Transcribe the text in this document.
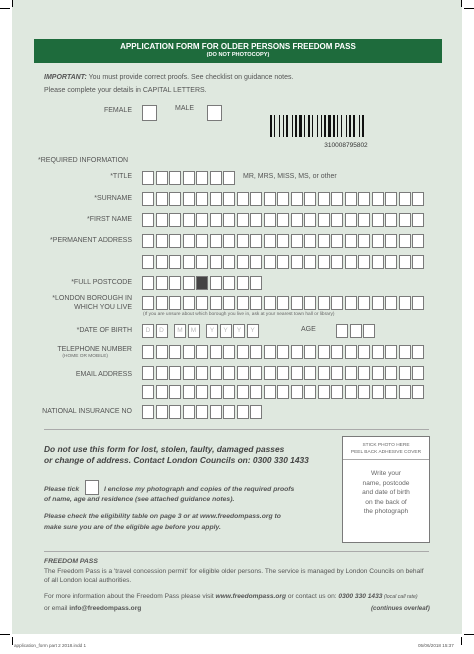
APPLICATION FORM FOR OLDER PERSONS FREEDOM PASS
(DO NOT PHOTOCOPY)
IMPORTANT: You must provide correct proofs. See checklist on guidance notes.
Please complete your details in CAPITAL LETTERS.
FEMALE	MALE
310008795802
*REQUIRED INFORMATION
*TITLE	MR, MRS, MISS, MS, or other
*SURNAME
*FIRST NAME
*PERMANENT ADDRESS
*FULL POSTCODE
*LONDON BOROUGH IN
WHICH YOU LIVE
(If you are unsure about which borough you live in, ask at your nearest town hall or library)
*DATE OF BIRTH	D	D	M	M	Y	Y	Y	Y	AGE
TELEPHONE NUMBER
(HOME OR MOBILE)
EMAIL ADDRESS
NATIONAL INSURANCE NO
Do not use this form for lost, stolen, faulty, damaged passes
or change of address. Contact London Councils on: 0300 330 1433
Please tick	I enclose my photograph and copies of the required proofs
of name, age and residence (see attached guidance notes).
Please check the eligibility table on page 3 or at www.freedompass.org to
make sure you are of the eligible age before you apply.
STICK PHOTO HERE
PEEL BACK ADHESIVE COVER
Write your
name, postcode
and date of birth
on the back of
the photograph
FREEDOM PASS
The Freedom Pass is a 'travel concession permit' for eligible older persons. The service is managed by London Councils on behalf
of all London local authorities.
For more information about the Freedom Pass please visit www.freedompass.org or contact us on: 0300 330 1433 (local call rate)
or email info@freedompass.org	(continues overleaf)
application_form part 2 2018.indd 1	05/06/2018 15:37
